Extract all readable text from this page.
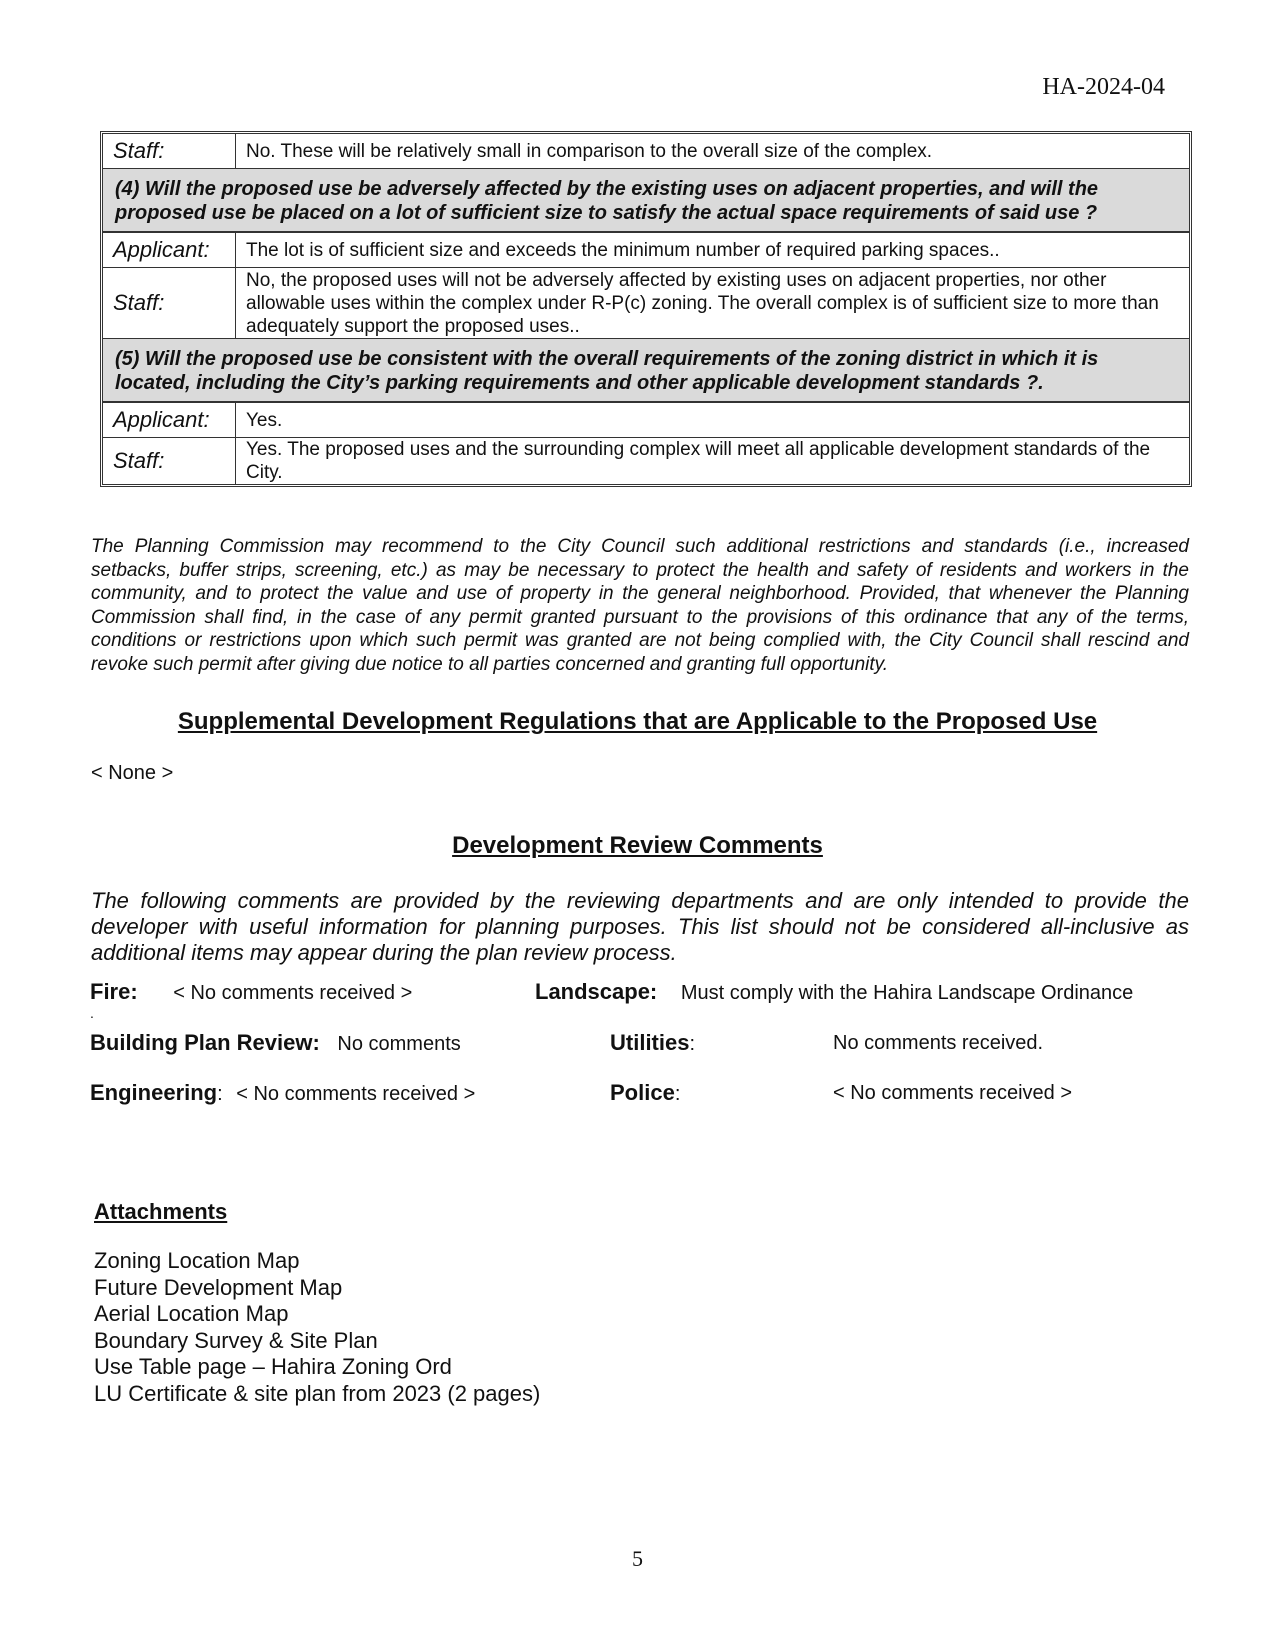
HA-2024-04
Staff:	No. These will be relatively small in comparison to the overall size of the complex.
(4) Will the proposed use be adversely affected by the existing uses on adjacent properties, and will the proposed use be placed on a lot of sufficient size to satisfy the actual space requirements of said use ?
Applicant:	The lot is of sufficient size and exceeds the minimum number of required parking spaces..
Staff:
No, the proposed uses will not be adversely affected by existing uses on adjacent properties, nor other allowable uses within the complex under R-P(c) zoning. The overall complex is of sufficient size to more than adequately support the proposed uses..
(5) Will the proposed use be consistent with the overall requirements of the zoning district in which it is located, including the City’s parking requirements and other applicable development standards ?.
Applicant:	Yes.
Staff:	Yes. The proposed uses and the surrounding complex will meet all applicable development standards of the City.
The Planning Commission may recommend to the City Council such additional restrictions and standards (i.e., increased setbacks, buffer strips, screening, etc.) as may be necessary to protect the health and safety of residents and workers in the community, and to protect the value and use of property in the general neighborhood. Provided, that whenever the Planning Commission shall find, in the case of any permit granted pursuant to the provisions of this ordinance that any of the terms, conditions or restrictions upon which such permit was granted are not being complied with, the City Council shall rescind and revoke such permit after giving due notice to all parties concerned and granting full opportunity.
Supplemental Development Regulations that are Applicable to the Proposed Use
< None >
Development Review Comments
The following comments are provided by the reviewing departments and are only intended to provide the developer with useful information for planning purposes. This list should not be considered all-inclusive as additional items may appear during the plan review process.
Fire: < No comments received >	Landscape: Must comply with the Hahira Landscape Ordinance
.
Building Plan Review: No comments	Utilities:	No comments received.
Engineering: < No comments received >	Police:	< No comments received >
Attachments
Zoning Location Map
Future Development Map
Aerial Location Map
Boundary Survey & Site Plan
Use Table page – Hahira Zoning Ord
LU Certificate & site plan from 2023 (2 pages)
5
